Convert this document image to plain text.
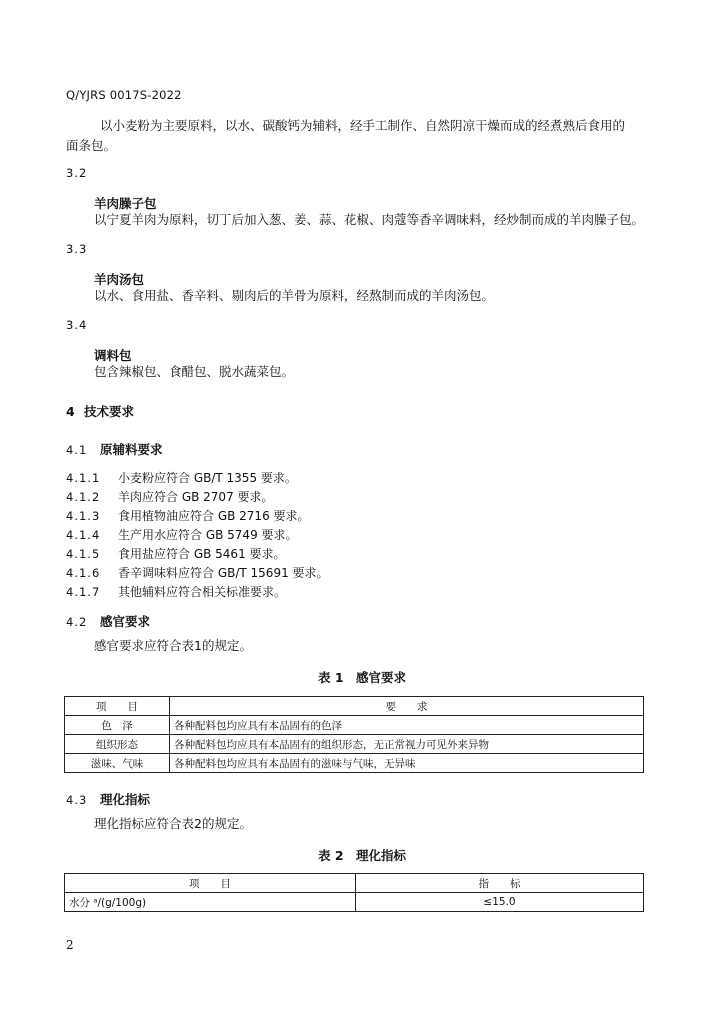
Q/YJRS 0017S-2022
以小麦粉为主要原料，以水、碳酸钙为辅料，经手工制作、自然阴凉干燥而成的经煮熟后食用的
面条包。
3.2
羊肉臊子包
以宁夏羊肉为原料，切丁后加入葱、姜、蒜、花椒、肉蔻等香辛调味料，经炒制而成的羊肉臊子包。
3.3
羊肉汤包
以水、食用盐、香辛料、剔肉后的羊骨为原料，经熬制而成的羊肉汤包。
3.4
调料包
包含辣椒包、食醋包、脱水蔬菜包。
4 技术要求
4.1 原辅料要求
4.1.1 小麦粉应符合 GB/T 1355 要求。
4.1.2 羊肉应符合 GB 2707 要求。
4.1.3 食用植物油应符合 GB 2716 要求。
4.1.4 生产用水应符合 GB 5749 要求。
4.1.5 食用盐应符合 GB 5461 要求。
4.1.6 香辛调味料应符合 GB/T 15691 要求。
4.1.7 其他辅料应符合相关标准要求。
4.2 感官要求
感官要求应符合表1的规定。
表 1　感官要求
项　　目	要　　求
色　泽	各种配料包均应具有本品固有的色泽
组织形态	各种配料包均应具有本品固有的组织形态，无正常视力可见外来异物
滋味、气味	各种配料包均应具有本品固有的滋味与气味，无异味
4.3 理化指标
理化指标应符合表2的规定。
表 2　理化指标
项　　目	指　　标
水分 ᵃ/(g/100g)	≤15.0
2
